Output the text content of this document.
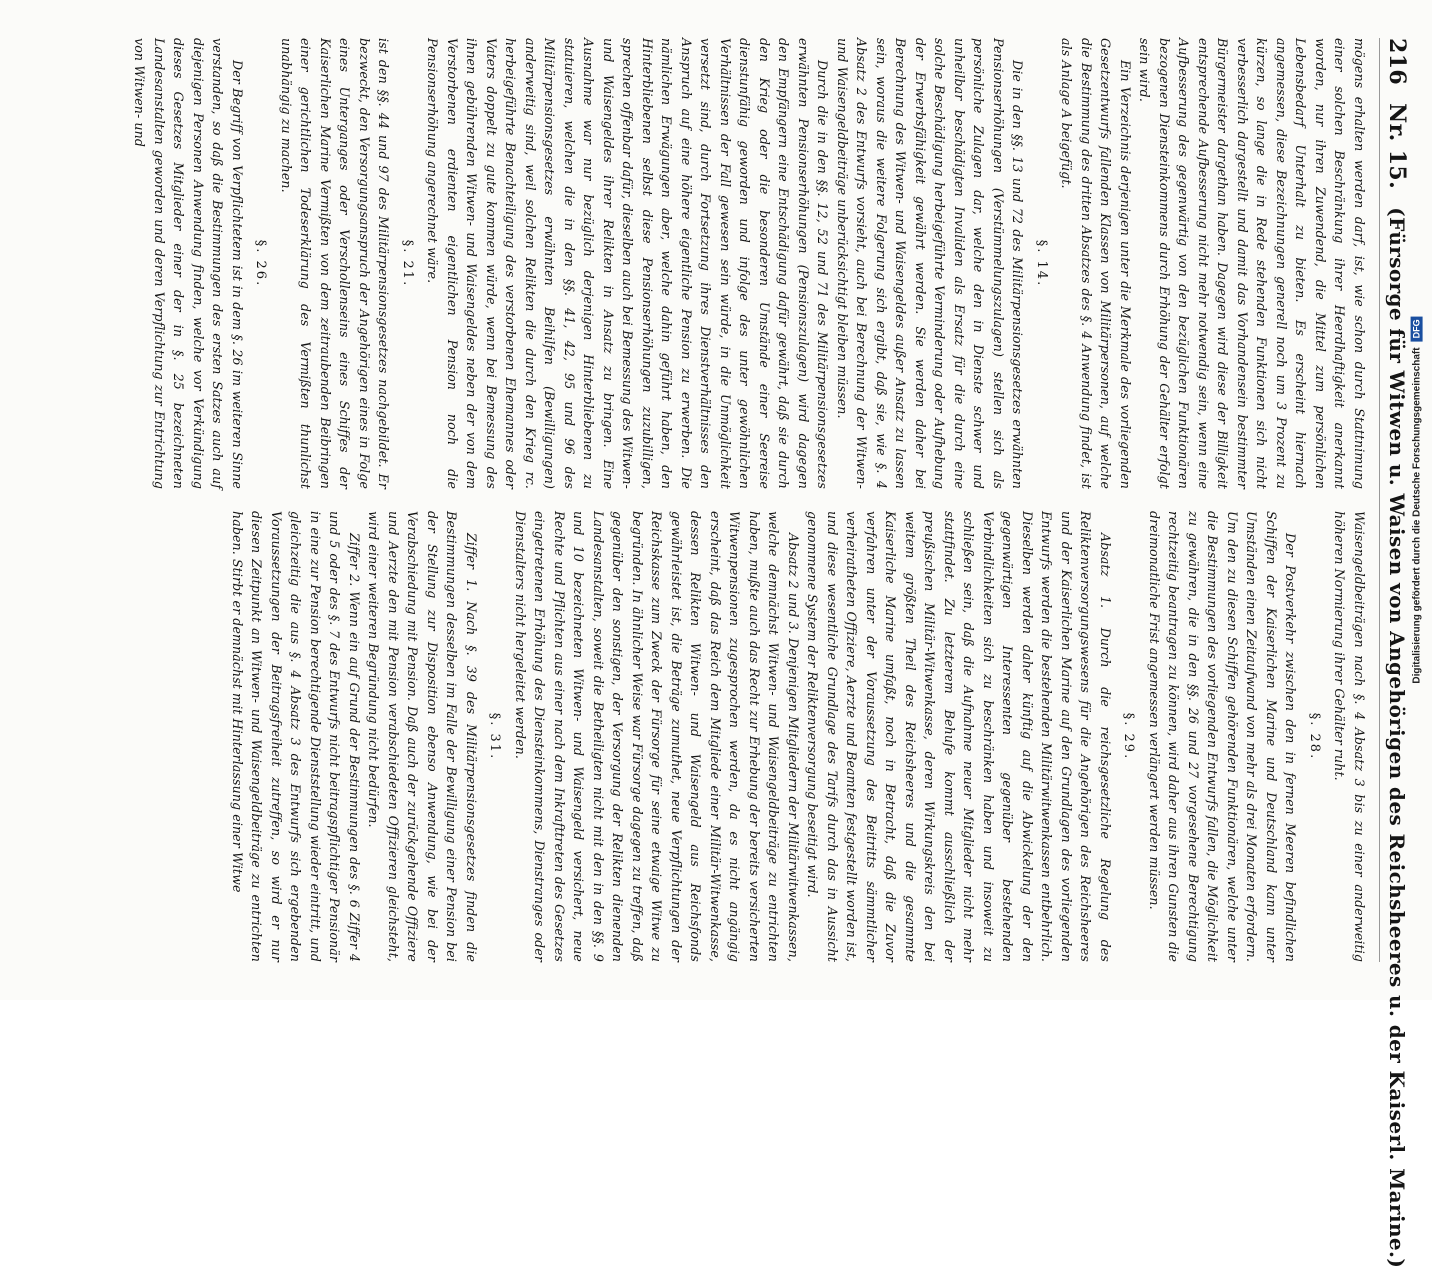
216
Nr. 15.
(Fürsorge für Witwen u. Waisen von Angehörigen des Reichsheeres u. der Kaiserl. Marine.)

mögens erhalten werden darf, ist, wie schon durch Stattnimung einer solchen Beschränkung ihrer Heerdhaftigkeit anerkannt worden, nur ihren Zuwendend, die Mittel zum persönlichen Lebensbedarf Unterhalt zu bieten. Es erscheint hiernach angemessen, diese Bezeichnungen generell noch um 3 Prozent zu kürzen, so lange die in Rede stehenden Funktionen sich nicht verbesserlich dargestellt und damit das Vorhandensein bestimmter Bürgermeister dargethan haben. Dagegen wird diese der Billigkeit entsprechende Aufbesserung nicht mehr notwendig sein, wenn eine Aufbesserung des gegenwärtig von den bezüglichen Funktionären bezogenen Diensteinkommens durch Erhöhung der Gehälter erfolgt sein wird.

Ein Verzeichnis derjenigen unter die Merkmale des vorliegenden Gesetzentwurfs fallenden Klassen von Militärpersonen, auf welche die Bestimmung des dritten Absatzes des §. 4 Anwendung findet, ist als Anlage A beigefügt.

§. 14.

Die in den §§. 13 und 72 des Militärpensionsgesetzes erwähnten Pensionserhöhungen (Verstümmelungszulagen) stellen sich als persönliche Zulagen dar, welche den in Dienste schwer und unheilbar beschädigten Invaliden als Ersatz für die durch eine solche Beschädigung herbeigeführte Verminderung oder Aufhebung der Erwerbsfähigkeit gewährt werden. Sie werden daher bei Berechnung des Witwen- und Waisengeldes außer Ansatz zu lassen sein, woraus die weitere Folgerung sich ergibt, daß sie, wie §. 4 Absatz 2 des Entwurfs vorsieht, auch bei Berechnung der Witwen- und Waisengeldbeiträge unberücksichtigt bleiben müssen.

Durch die in den §§. 12, 52 und 71 des Militärpensionsgesetzes erwähnten Pensionserhöhungen (Pensionszulagen) wird dagegen den Empfängern eine Entschädigung dafür gewährt, daß sie durch den Krieg oder die besonderen Umstände einer Seereise dienstunfähig geworden und infolge des unter gewöhnlichen Verhältnissen der Fall gewesen sein würde, in die Unmöglichkeit versetzt sind, durch Fortsetzung ihres Dienstverhältnisses den Anspruch auf eine höhere eigentliche Pension zu erwerben. Die nämlichen Erwägungen aber, welche dahin geführt haben, den Hinterbliebenen selbst diese Pensionserhöhungen zuzubilligen, sprechen offenbar dafür, dieselben auch bei Bemessung des Witwen- und Waisengeldes ihrer Relikten in Ansatz zu bringen. Eine Ausnahme war nur bezüglich derjenigen Hinterbliebenen zu statuieren, welchen die in den §§. 41, 42, 95 und 96 des Militärpensionsgesetzes erwähnten Beihilfen (Bewilligungen) anderweitig sind, weil solchen Relikten die durch den Krieg rc. herbeigeführte Benachteiligung des verstorbenen Ehemannes oder Vaters doppelt zu gute kommen würde, wenn bei Bemessung des ihnen gebührenden Witwen- und Waisengeldes neben der von dem Verstorbenen erdienten eigentlichen Pension noch die Pensionserhöhung angerechnet wäre.

§. 21.

ist den §§. 44 und 97 des Militärpensionsgesetzes nachgebildet. Er bezweckt, den Versorgungsanspruch der Angehörigen eines in Folge eines Unterganges oder Verschollenseins eines Schiffes der Kaiserlichen Marine Vermißten von dem zeitraubenden Beibringen einer gerichtlichen Todeserklärung des Vermißten thunlichst unabhängig zu machen.

§. 26.

Der Begriff von Verpflichtetem ist in dem §. 26 im weiteren Sinne verstanden, so daß die Bestimmungen des ersten Satzes auch auf diejenigen Personen Anwendung finden, welche vor Verkündigung dieses Gesetzes Mitglieder einer der in §. 25 bezeichneten Landesanstalten geworden und deren Verpflichtung zur Entrichtung von Witwen- und

Waisengeldbeiträgen nach §. 4 Absatz 3 bis zu einer anderweitig höheren Normierung ihrer Gehälter ruht.

§. 28.

Der Postverkehr zwischen den in fernen Meeren befindlichen Schiffen der Kaiserlichen Marine und Deutschland kann unter Umständen einen Zeitaufwand von mehr als drei Monaten erfordern. Um den zu diesen Schiffen gehörenden Funktionären, welche unter die Bestimmungen des vorliegenden Entwurfs fallen, die Möglichkeit zu gewähren, die in den §§. 26 und 27 vorgesehene Berechtigung rechtzeitig beantragen zu können, wird daher aus ihren Gunsten die dreimonatliche Frist angemessen verlängert werden müssen.

§. 29.

Absatz 1. Durch die reichsgesetzliche Regelung des Reliktenversorgungswesens für die Angehörigen des Reichsheeres und der Kaiserlichen Marine auf den Grundlagen des vorliegenden Entwurfs werden die bestehenden Militärwitwenkassen entbehrlich. Dieselben werden daher künftig auf die Abwickelung der den gegenwärtigen Interessenten gegenüber bestehenden Verbindlichkeiten sich zu beschränken haben und insoweit zu schließen sein, daß die Aufnahme neuer Mitglieder nicht mehr stattfindet. Zu letzterem Behufe kommt ausschließlich der preußischen Militär-Witwenkasse, deren Wirkungskreis den bei weitem größten Theil des Reichsheeres und die gesammte Kaiserliche Marine umfaßt, noch in Betracht, daß die Zuvor verfahren unter der Voraussetzung des Beitritts sämmtlicher verheiratheten Offiziere, Aerzte und Beamten festgestellt worden ist, und diese wesentliche Grundlage des Tarifs durch das in Aussicht genommene System der Reliktenversorgung beseitigt wird.

Absatz 2 und 3. Denjenigen Mitgliedern der Militärwitwenkassen, welche demnächst Witwen- und Waisengeldbeiträge zu entrichten haben, mußte auch das Recht zur Erhebung der bereits versicherten Witwenpensionen zugesprochen werden, da es nicht angängig erscheint, daß das Reich dem Mitgliede einer Militär-Witwenkasse, dessen Relikten Witwen- und Waisengeld aus Reichsfonds gewährleistet ist, die Beträge zumuthet, neue Verpflichtungen der Reichskasse zum Zweck der Fürsorge für seine etwaige Witwe zu begründen. In ähnlicher Weise war Fürsorge dagegen zu treffen, daß gegenüber den sonstigen, der Versorgung der Relikten dienenden Landesanstalten, soweit die Betheiligten nicht mit den in den §§. 9 und 10 bezeichneten Witwen- und Waisengeld versichert, neue Rechte und Pflichten aus einer nach dem Inkrafttreten des Gesetzes eingetretenen Erhöhung des Diensteinkommens, Dienstranges oder Dienstalters nicht hergeleitet werden.

§. 31.

Ziffer 1. Nach §. 39 des Militärpensionsgesetzes finden die Bestimmungen desselben im Falle der Bewilligung einer Pension bei der Stellung zur Disposition ebenso Anwendung, wie bei der Verabschiedung mit Pension. Daß auch der zurückgehende Offiziere und Aerzte den mit Pension verabschiedeten Offizieren gleichsteht, wird einer weiteren Begründung nicht bedürfen.

Ziffer 2. Wenn ein auf Grund der Bestimmungen des §. 6 Ziffer 4 und 5 oder des §. 7 des Entwurfs nicht beitragspflichtiger Pensionär in eine zur Pension berechtigende Dienststellung wieder eintritt, und gleichzeitig die aus §. 4 Absatz 3 des Entwurfs sich ergebenden Voraussetzungen der Beitragsfreiheit zutreffen, so wird er nur diesen Zeitpunkt an Witwen- und Waisengeldbeiträge zu entrichten haben. Stirbt er demnächst mit Hinterlassung einer Witwe	Digitalisierung gefördert durch die Deutsche Forschungsgemeinschaft
DFG
